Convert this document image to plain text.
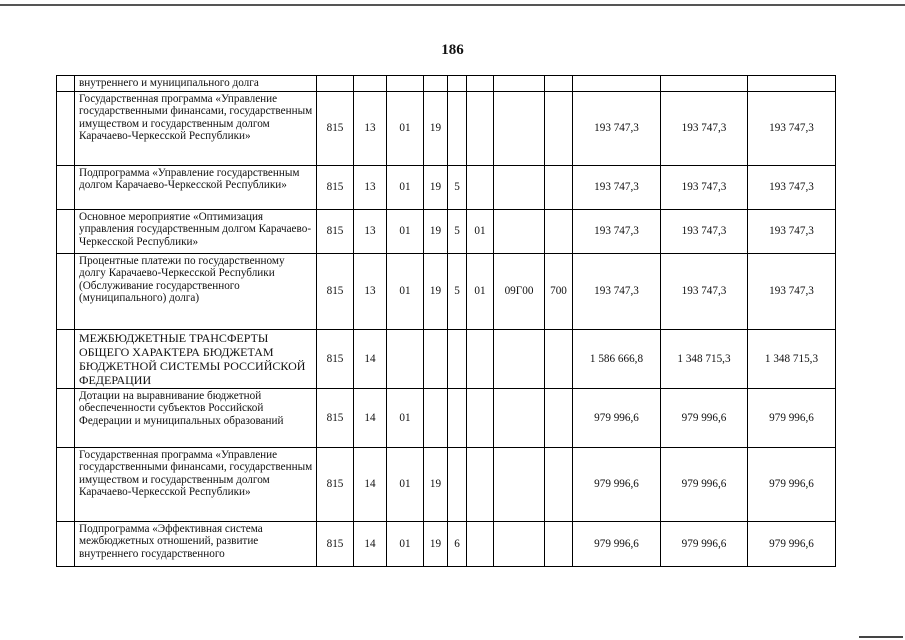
186
	внутреннего и муниципального долга											
	Государственная программа «Управление государственными финансами, государственным имуществом и государственным долгом Карачаево-Черкесской Республики»	815	13	01	19					193 747,3	193 747,3	193 747,3
	Подпрограмма «Управление государственным долгом Карачаево-Черкесской Республики»	815	13	01	19	5				193 747,3	193 747,3	193 747,3
	Основное мероприятие «Оптимизация управления государственным долгом Карачаево-Черкесской Республики»	815	13	01	19	5	01			193 747,3	193 747,3	193 747,3
	Процентные платежи по государственному долгу Карачаево-Черкесской Республики (Обслуживание государственного (муниципального) долга)	815	13	01	19	5	01	09Г00	700	193 747,3	193 747,3	193 747,3
	МЕЖБЮДЖЕТНЫЕ ТРАНСФЕРТЫ ОБЩЕГО ХАРАКТЕРА БЮДЖЕТАМ БЮДЖЕТНОЙ СИСТЕМЫ РОССИЙСКОЙ ФЕДЕРАЦИИ	815	14							1 586 666,8	1 348 715,3	1 348 715,3
	Дотации на выравнивание бюджетной обеспеченности субъектов Российской Федерации и муниципальных образований	815	14	01						979 996,6	979 996,6	979 996,6
	Государственная программа «Управление государственными финансами, государственным имуществом и государственным долгом Карачаево-Черкесской Республики»	815	14	01	19					979 996,6	979 996,6	979 996,6
	Подпрограмма «Эффективная система межбюджетных отношений, развитие внутреннего государственного	815	14	01	19	6				979 996,6	979 996,6	979 996,6
